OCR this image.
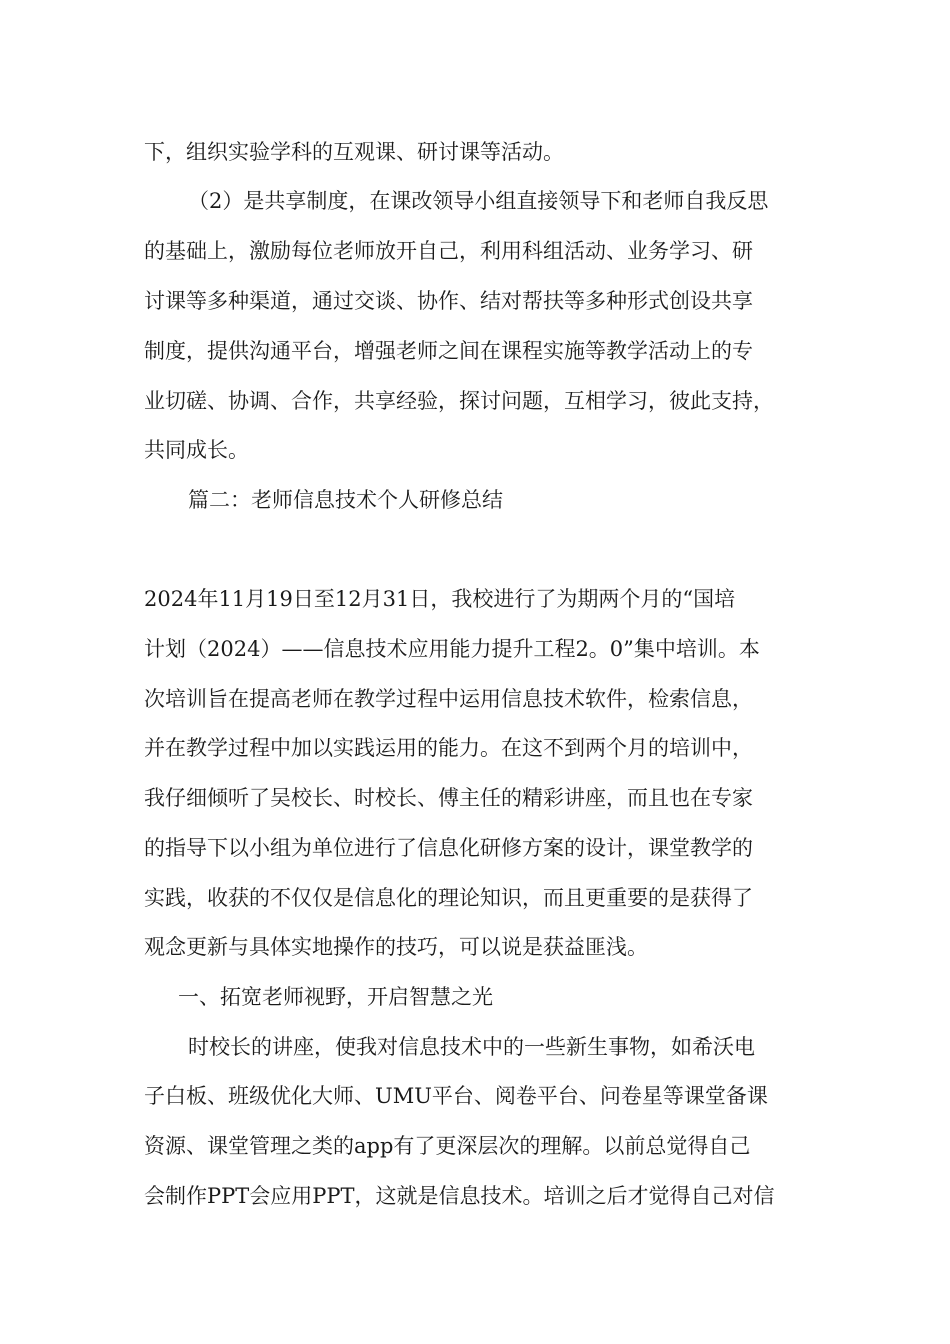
下，组织实验学科的互观课、研讨课等活动。
（2）是共享制度，在课改领导小组直接领导下和老师自我反思
的基础上，激励每位老师放开自己，利用科组活动、业务学习、研
讨课等多种渠道，通过交谈、协作、结对帮扶等多种形式创设共享
制度，提供沟通平台，增强老师之间在课程实施等教学活动上的专
业切磋、协调、合作，共享经验，探讨问题，互相学习，彼此支持，
共同成长。
篇二：老师信息技术个人研修总结
2024年11月19日至12月31日，我校进行了为期两个月的“国培
计划（2024）——信息技术应用能力提升工程2。0”集中培训。本
次培训旨在提高老师在教学过程中运用信息技术软件，检索信息，
并在教学过程中加以实践运用的能力。在这不到两个月的培训中，
我仔细倾听了吴校长、时校长、傅主任的精彩讲座，而且也在专家
的指导下以小组为单位进行了信息化研修方案的设计，课堂教学的
实践，收获的不仅仅是信息化的理论知识，而且更重要的是获得了
观念更新与具体实地操作的技巧，可以说是获益匪浅。
一、拓宽老师视野，开启智慧之光
时校长的讲座，使我对信息技术中的一些新生事物，如希沃电
子白板、班级优化大师、UMU平台、阅卷平台、问卷星等课堂备课
资源、课堂管理之类的app有了更深层次的理解。以前总觉得自己
会制作PPT会应用PPT，这就是信息技术。培训之后才觉得自己对信
